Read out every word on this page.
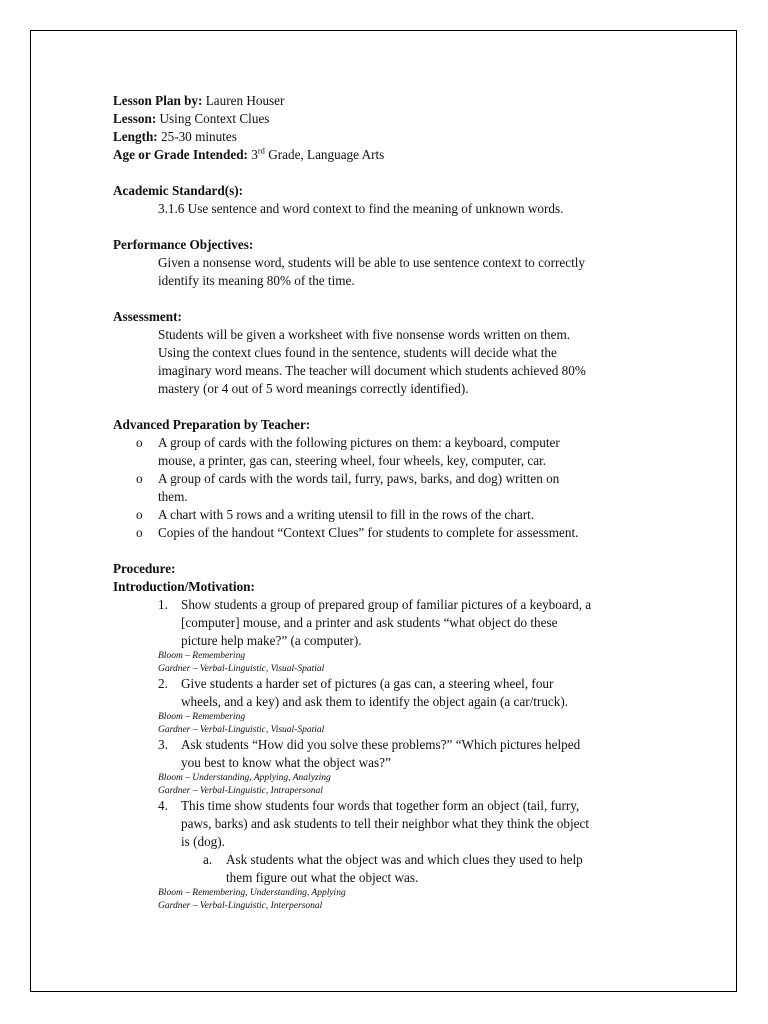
Lesson Plan by: Lauren Houser
Lesson: Using Context Clues
Length: 25-30 minutes
Age or Grade Intended: 3rd Grade, Language Arts
Academic Standard(s):
3.1.6 Use sentence and word context to find the meaning of unknown words.
Performance Objectives:
Given a nonsense word, students will be able to use sentence context to correctly
identify its meaning 80% of the time.
Assessment:
Students will be given a worksheet with five nonsense words written on them.
Using the context clues found in the sentence, students will decide what the
imaginary word means. The teacher will document which students achieved 80%
mastery (or 4 out of 5 word meanings correctly identified).
Advanced Preparation by Teacher:
o A group of cards with the following pictures on them: a keyboard, computer
mouse, a printer, gas can, steering wheel, four wheels, key, computer, car.
o A group of cards with the words tail, furry, paws, barks, and dog) written on
them.
o A chart with 5 rows and a writing utensil to fill in the rows of the chart.
o Copies of the handout “Context Clues” for students to complete for assessment.
Procedure:
Introduction/Motivation:
1. Show students a group of prepared group of familiar pictures of a keyboard, a
[computer] mouse, and a printer and ask students “what object do these
picture help make?” (a computer).
Bloom – Remembering
Gardner – Verbal-Linguistic, Visual-Spatial
2. Give students a harder set of pictures (a gas can, a steering wheel, four
wheels, and a key) and ask them to identify the object again (a car/truck).
Bloom – Remembering
Gardner – Verbal-Linguistic, Visual-Spatial
3. Ask students “How did you solve these problems?” “Which pictures helped
you best to know what the object was?”
Bloom – Understanding, Applying, Analyzing
Gardner – Verbal-Linguistic, Intrapersonal
4. This time show students four words that together form an object (tail, furry,
paws, barks) and ask students to tell their neighbor what they think the object
is (dog).
a. Ask students what the object was and which clues they used to help
them figure out what the object was.
Bloom – Remembering, Understanding, Applying
Gardner – Verbal-Linguistic, Interpersonal
